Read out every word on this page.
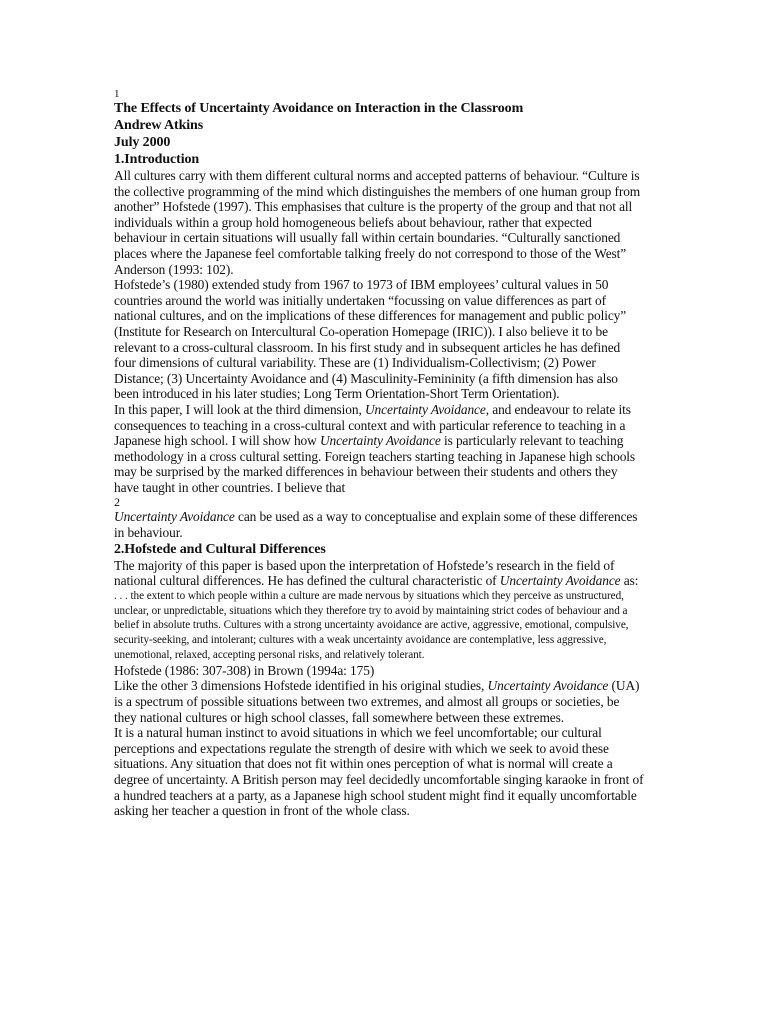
1
The Effects of Uncertainty Avoidance on Interaction in the Classroom
Andrew Atkins
July 2000
1.Introduction

All cultures carry with them different cultural norms and accepted patterns of behaviour. “Culture is the collective programming of the mind which distinguishes the members of one human group from another” Hofstede (1997). This emphasises that culture is the property of the group and that not all individuals within a group hold homogeneous beliefs about behaviour, rather that expected behaviour in certain situations will usually fall within certain boundaries. “Culturally sanctioned places where the Japanese feel comfortable talking freely do not correspond to those of the West” Anderson (1993: 102).

Hofstede’s (1980) extended study from 1967 to 1973 of IBM employees’ cultural values in 50 countries around the world was initially undertaken “focussing on value differences as part of national cultures, and on the implications of these differences for management and public policy” (Institute for Research on Intercultural Co-operation Homepage (IRIC)). I also believe it to be relevant to a cross-cultural classroom. In his first study and in subsequent articles he has defined four dimensions of cultural variability. These are (1) Individualism-Collectivism; (2) Power Distance; (3) Uncertainty Avoidance and (4) Masculinity-Femininity (a fifth dimension has also been introduced in his later studies; Long Term Orientation-Short Term Orientation).

In this paper, I will look at the third dimension, Uncertainty Avoidance, and endeavour to relate its consequences to teaching in a cross-cultural context and with particular reference to teaching in a Japanese high school. I will show how Uncertainty Avoidance is particularly relevant to teaching methodology in a cross cultural setting. Foreign teachers starting teaching in Japanese high schools may be surprised by the marked differences in behaviour between their students and others they have taught in other countries. I believe that

2

Uncertainty Avoidance can be used as a way to conceptualise and explain some of these differences in behaviour.

2.Hofstede and Cultural Differences

The majority of this paper is based upon the interpretation of Hofstede’s research in the field of national cultural differences. He has defined the cultural characteristic of Uncertainty Avoidance as:

. . . the extent to which people within a culture are made nervous by situations which they perceive as unstructured, unclear, or unpredictable, situations which they therefore try to avoid by maintaining strict codes of behaviour and a belief in absolute truths. Cultures with a strong uncertainty avoidance are active, aggressive, emotional, compulsive, security-seeking, and intolerant; cultures with a weak uncertainty avoidance are contemplative, less aggressive, unemotional, relaxed, accepting personal risks, and relatively tolerant.

Hofstede (1986: 307-308) in Brown (1994a: 175)

Like the other 3 dimensions Hofstede identified in his original studies, Uncertainty Avoidance (UA) is a spectrum of possible situations between two extremes, and almost all groups or societies, be they national cultures or high school classes, fall somewhere between these extremes.

It is a natural human instinct to avoid situations in which we feel uncomfortable; our cultural perceptions and expectations regulate the strength of desire with which we seek to avoid these situations. Any situation that does not fit within ones perception of what is normal will create a degree of uncertainty. A British person may feel decidedly uncomfortable singing karaoke in front of a hundred teachers at a party, as a Japanese high school student might find it equally uncomfortable asking her teacher a question in front of the whole class.
